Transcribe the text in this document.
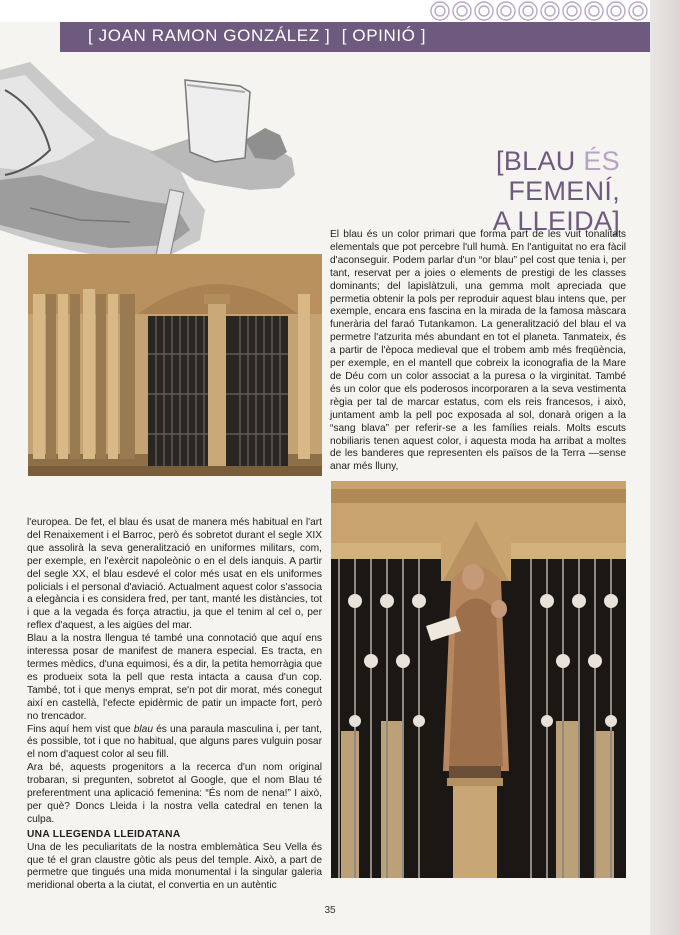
[ JOAN RAMON GONZÁLEZ ] [ OPINIÓ ]
[BLAU ÉS FEMENÍ,
A LLEIDA]

El blau és un color primari que forma part de les vuit tonalitats elementals que pot percebre l'ull humà. En l'antiguitat no era fàcil d'aconseguir. Podem parlar d'un “or blau” pel cost que tenia i, per tant, reservat per a joies o elements de prestigi de les classes dominants; del lapislàtzuli, una gemma molt apreciada que permetia obtenir la pols per reproduir aquest blau intens que, per exemple, encara ens fascina en la mirada de la famosa màscara funerària del faraó Tutankamon. La generalització del blau el va permetre l'atzurita més abundant en tot el planeta. Tanmateix, és a partir de l'època medieval que el trobem amb més freqüència, per exemple, en el mantell que cobreix la iconografia de la Mare de Déu com un color associat a la puresa o la virginitat. També és un color que els poderosos incorporaren a la seva vestimenta règia per tal de marcar estatus, com els reis francesos, i això, juntament amb la pell poc exposada al sol, donarà origen a la “sang blava” per referir-se a les famílies reials. Molts escuts nobiliaris tenen aquest color, i aquesta moda ha arribat a moltes de les banderes que representen els països de la Terra —sense anar més lluny,

l'europea. De fet, el blau és usat de manera més habitual en l'art del Renaixement i el Barroc, però és sobretot durant el segle XIX que assolirà la seva generalització en uniformes militars, com, per exemple, en l'exèrcit napoleònic o en el dels ianquis. A partir del segle XX, el blau esdevé el color més usat en els uniformes policials i el personal d'aviació. Actualment aquest color s'associa a elegància i es considera fred, per tant, manté les distàncies, tot i que a la vegada és força atractiu, ja que el tenim al cel o, per reflex d'aquest, a les aigües del mar.

Blau a la nostra llengua té també una connotació que aquí ens interessa posar de manifest de manera especial. Es tracta, en termes mèdics, d'una equimosi, és a dir, la petita hemorràgia que es produeix sota la pell que resta intacta a causa d'un cop. També, tot i que menys emprat, se'n pot dir morat, més conegut així en castellà, l'efecte epidèrmic de patir un impacte fort, però no trencador.

Fins aquí hem vist que blau és una paraula masculina i, per tant, és possible, tot i que no habitual, que alguns pares vulguin posar el nom d'aquest color al seu fill.

Ara bé, aquests progenitors a la recerca d'un nom original trobaran, si pregunten, sobretot al Google, que el nom Blau té preferentment una aplicació femenina: “És nom de nena!” I això, per què? Doncs Lleida i la nostra vella catedral en tenen la culpa.

UNA LLEGENDA LLEIDATANA

Una de les peculiaritats de la nostra emblemàtica Seu Vella és que té el gran claustre gòtic als peus del temple. Això, a part de permetre que tingués una mida monumental i la singular galeria meridional oberta a la ciutat, el convertia en un autèntic

35
